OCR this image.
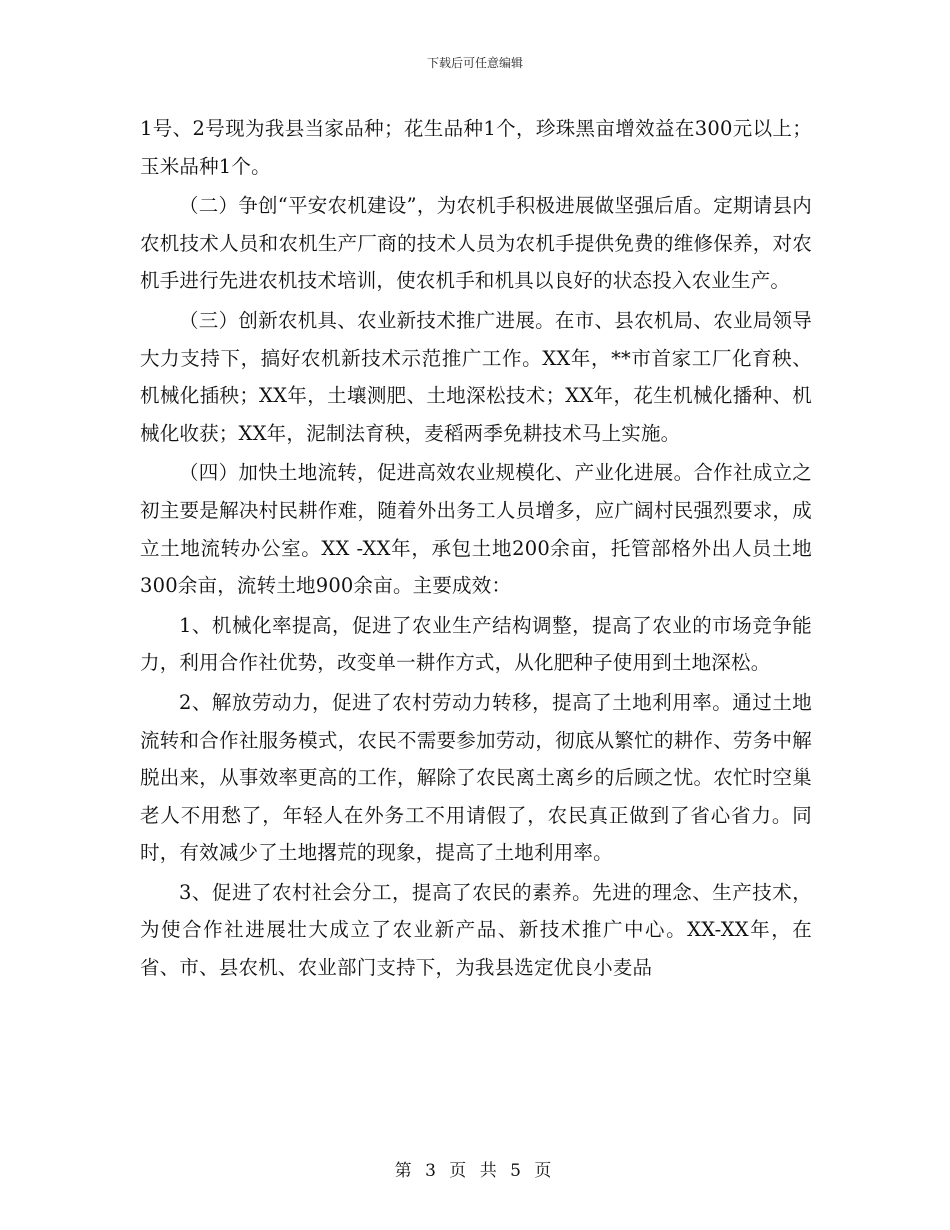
下载后可任意编辑

1号、2号现为我县当家品种；花生品种1个，珍珠黑亩增效益在300元以上；玉米品种1个。

（二）争创“平安农机建设”，为农机手积极进展做坚强后盾。定期请县内农机技术人员和农机生产厂商的技术人员为农机手提供免费的维修保养，对农机手进行先进农机技术培训，使农机手和机具以良好的状态投入农业生产。

（三）创新农机具、农业新技术推广进展。在市、县农机局、农业局领导大力支持下，搞好农机新技术示范推广工作。XX年，**市首家工厂化育秧、机械化插秧；XX年，土壤测肥、土地深松技术；XX年，花生机械化播种、机械化收获；XX年，泥制法育秧，麦稻两季免耕技术马上实施。

（四）加快土地流转，促进高效农业规模化、产业化进展。合作社成立之初主要是解决村民耕作难，随着外出务工人员增多，应广阔村民强烈要求，成立土地流转办公室。XX -XX年，承包土地200余亩，托管部格外出人员土地300余亩，流转土地900余亩。主要成效：

1、机械化率提高，促进了农业生产结构调整，提高了农业的市场竞争能力，利用合作社优势，改变单一耕作方式，从化肥种子使用到土地深松。

2、解放劳动力，促进了农村劳动力转移，提高了土地利用率。通过土地流转和合作社服务模式，农民不需要参加劳动，彻底从繁忙的耕作、劳务中解脱出来，从事效率更高的工作，解除了农民离土离乡的后顾之忧。农忙时空巢老人不用愁了，年轻人在外务工不用请假了，农民真正做到了省心省力。同时，有效减少了土地撂荒的现象，提高了土地利用率。

3、促进了农村社会分工，提高了农民的素养。先进的理念、生产技术，为使合作社进展壮大成立了农业新产品、新技术推广中心。XX-XX年，在省、市、县农机、农业部门支持下，为我县选定优良小麦品

第 3 页 共 5 页
